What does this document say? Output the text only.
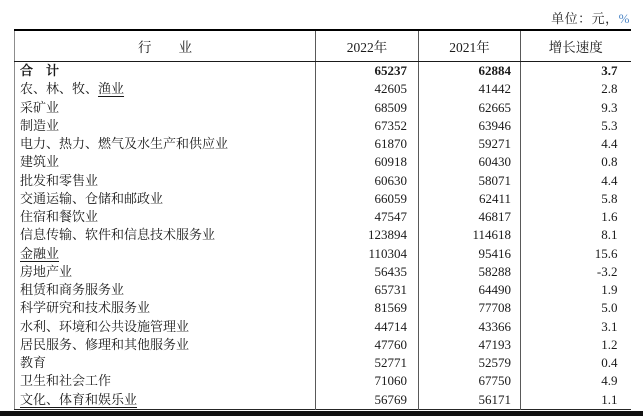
单位：元，%
行　　业	2022年	2021年	增长速度
合　计	65237	62884	3.7
农、林、牧、渔业	42605	41442	2.8
采矿业	68509	62665	9.3
制造业	67352	63946	5.3
电力、热力、燃气及水生产和供应业	61870	59271	4.4
建筑业	60918	60430	0.8
批发和零售业	60630	58071	4.4
交通运输、仓储和邮政业	66059	62411	5.8
住宿和餐饮业	47547	46817	1.6
信息传输、软件和信息技术服务业	123894	114618	8.1
金融业	110304	95416	15.6
房地产业	56435	58288	-3.2
租赁和商务服务业	65731	64490	1.9
科学研究和技术服务业	81569	77708	5.0
水利、环境和公共设施管理业	44714	43366	3.1
居民服务、修理和其他服务业	47760	47193	1.2
教育	52771	52579	0.4
卫生和社会工作	71060	67750	4.9
文化、体育和娱乐业	56769	56171	1.1
